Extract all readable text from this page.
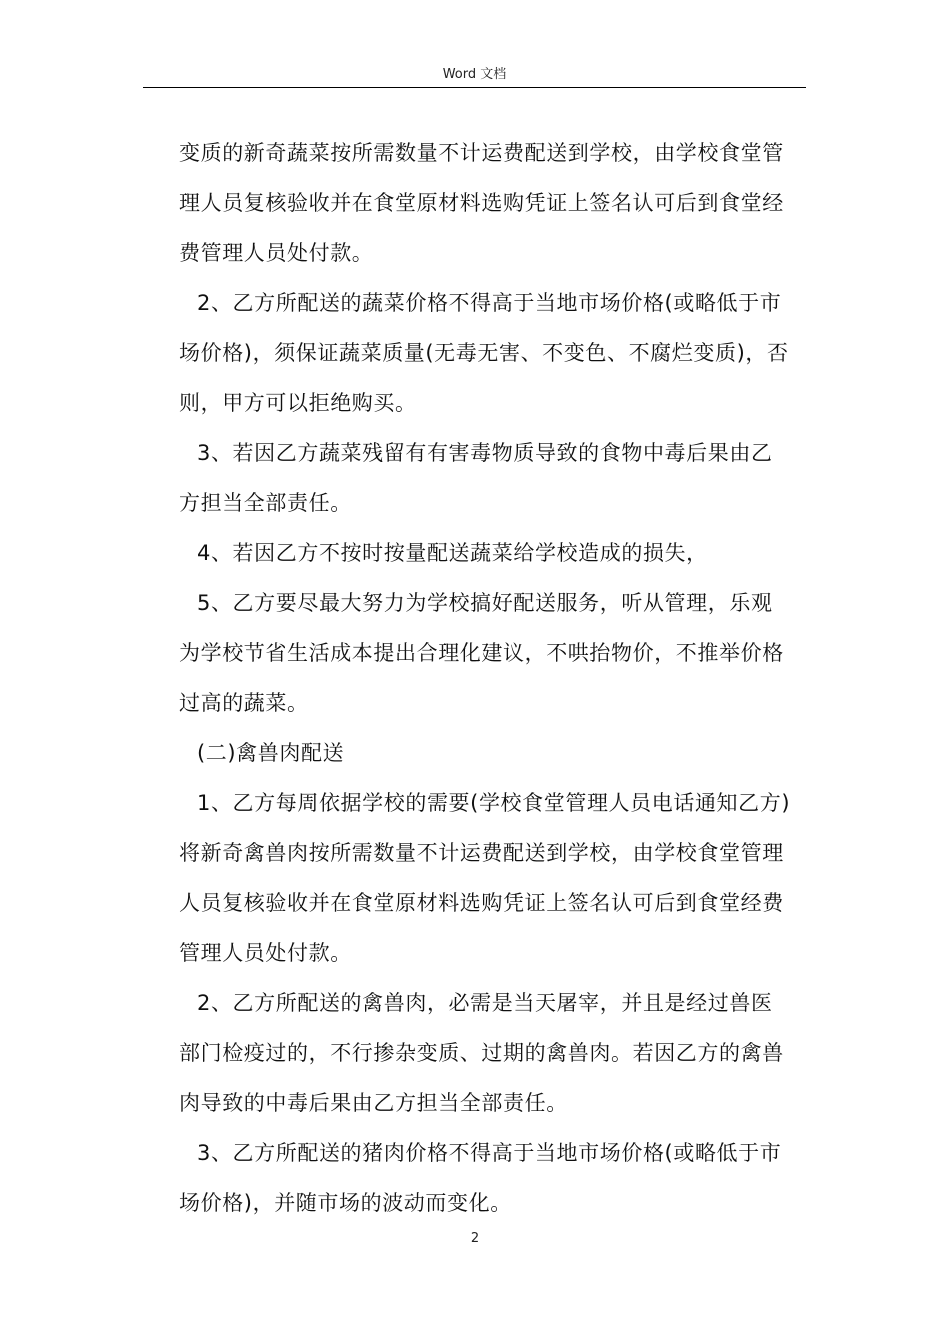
Word 文档
变质的新奇蔬菜按所需数量不计运费配送到学校，由学校食堂管
理人员复核验收并在食堂原材料选购凭证上签名认可后到食堂经
费管理人员处付款。
2、乙方所配送的蔬菜价格不得高于当地市场价格(或略低于市
场价格)，须保证蔬菜质量(无毒无害、不变色、不腐烂变质)，否
则，甲方可以拒绝购买。
3、若因乙方蔬菜残留有有害毒物质导致的食物中毒后果由乙
方担当全部责任。
4、若因乙方不按时按量配送蔬菜给学校造成的损失，
5、乙方要尽最大努力为学校搞好配送服务，听从管理，乐观
为学校节省生活成本提出合理化建议，不哄抬物价，不推举价格
过高的蔬菜。
(二)禽兽肉配送
1、乙方每周依据学校的需要(学校食堂管理人员电话通知乙方)
将新奇禽兽肉按所需数量不计运费配送到学校，由学校食堂管理
人员复核验收并在食堂原材料选购凭证上签名认可后到食堂经费
管理人员处付款。
2、乙方所配送的禽兽肉，必需是当天屠宰，并且是经过兽医
部门检疫过的，不行掺杂变质、过期的禽兽肉。若因乙方的禽兽
肉导致的中毒后果由乙方担当全部责任。
3、乙方所配送的猪肉价格不得高于当地市场价格(或略低于市
场价格)，并随市场的波动而变化。
2
